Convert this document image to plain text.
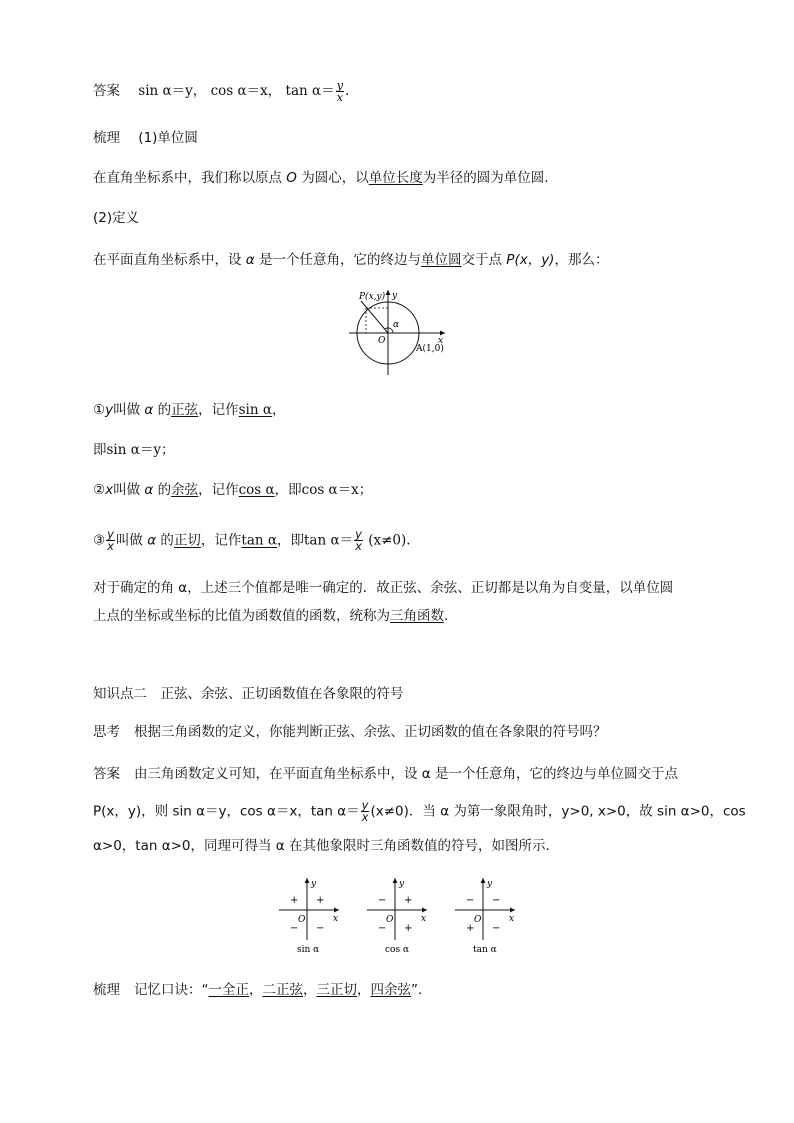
答案 sin α＝y， cos α＝x， $\tan \alpha= \frac{y}{x}$ .
梳理 (1)单位圆
在直角坐标系中，我们称以原点 O 为圆心，以单位长度为半径的圆为单位圆.
(2)定义
在平面直角坐标系中，设 α 是一个任意角，它的终边与单位圆交于点 P(x，y)，那么：
P(x,y) y
x
O
α
A(1,0)
①y叫做 α 的正弦，记作sin α，
即sin α＝y；
②x叫做 α 的余弦，记作cos α，即cos α＝x；
③ $\frac{y}{x}$ 叫做 α 的正切，记作tan α，即$\tan \alpha= \frac{y}{x} (x\ne 0)$.
对于确定的角 α，上述三个值都是唯一确定的．故正弦、余弦、正切都是以角为自变量，以单位圆
上点的坐标或坐标的比值为函数值的函数，统称为三角函数.
知识点二　正弦、余弦、正切函数值在各象限的符号
思考 根据三角函数的定义，你能判断正弦、余弦、正切函数的值在各象限的符号吗？
答案 由三角函数定义可知，在平面直角坐标系中，设 α 是一个任意角，它的终边与单位圆交于点
P(x，y)，则 sin α＝y，cos α＝x，$\tan \alpha= \frac{y}{x} (x\ne 0)$．当 α 为第一象限角时，y>0, x>0，故 sin α>0，cos
α>0，tan α>0，同理可得当 α 在其他象限时三角函数值的符号，如图所示．
y
x
O
+
+
− −
sin α
y
x
O
+
−
− +
cos α
y
x
O
−
−
+ −
tan α
梳理 记忆口诀：“一全正，二正弦，三正切，四余弦”.
